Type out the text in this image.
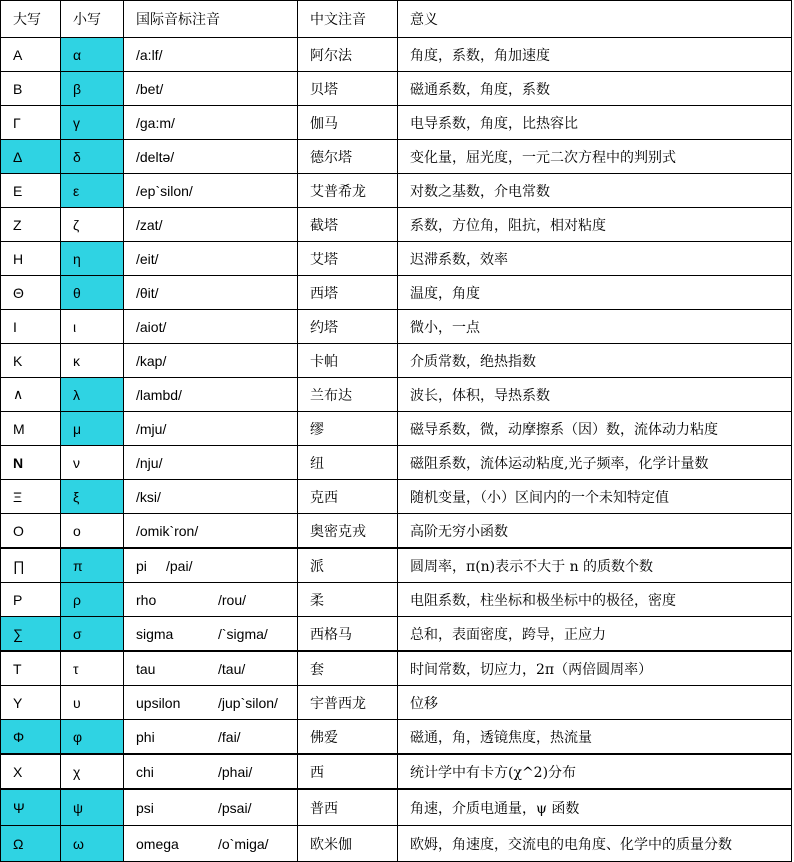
大写	小写	国际音标注音	中文注音	意义
Α	α	/a:lf/	阿尔法	角度，系数，角加速度
Β	β	/bet/	贝塔	磁通系数，角度，系数
Γ	γ	/ga:m/	伽马	电导系数，角度，比热容比
Δ	δ	/deltə/	德尔塔	变化量，屈光度，一元二次方程中的判别式
Ε	ε	/ep`silon/	艾普希龙	对数之基数，介电常数
Ζ	ζ	/zat/	截塔	系数，方位角，阻抗，相对粘度
Η	η	/eit/	艾塔	迟滞系数，效率
Θ	θ	/θit/	西塔	温度，角度
Ι	ι	/aiot/	约塔	微小，一点
Κ	κ	/kap/	卡帕	介质常数，绝热指数
∧	λ	/lambd/	兰布达	波长，体积，导热系数
Μ	μ	/mju/	缪	磁导系数，微，动摩擦系（因）数，流体动力粘度
Ν	ν	/nju/	纽	磁阻系数，流体运动粘度,光子频率，化学计量数
Ξ	ξ	/ksi/	克西	随机变量，（小）区间内的一个未知特定值
Ο	ο	/omik`ron/	奥密克戎	高阶无穷小函数
∏	π	pi /pai/	派	圆周率，π(n)表示不大于 n 的质数个数
Ρ	ρ	rho /rou/	柔	电阻系数，柱坐标和极坐标中的极径，密度
∑	σ	sigma /`sigma/	西格马	总和，表面密度，跨导，正应力
Τ	τ	tau /tau/	套	时间常数，切应力，2π（两倍圆周率）
Υ	υ	upsilon /jup`silon/	宇普西龙	位移
Φ	φ	phi /fai/	佛爱	磁通，角，透镜焦度，热流量
Χ	χ	chi /phai/	西	统计学中有卡方(χ^2)分布
Ψ	ψ	psi /psai/	普西	角速，介质电通量，ψ 函数
Ω	ω	omega /o`miga/	欧米伽	欧姆，角速度，交流电的电角度、化学中的质量分数
